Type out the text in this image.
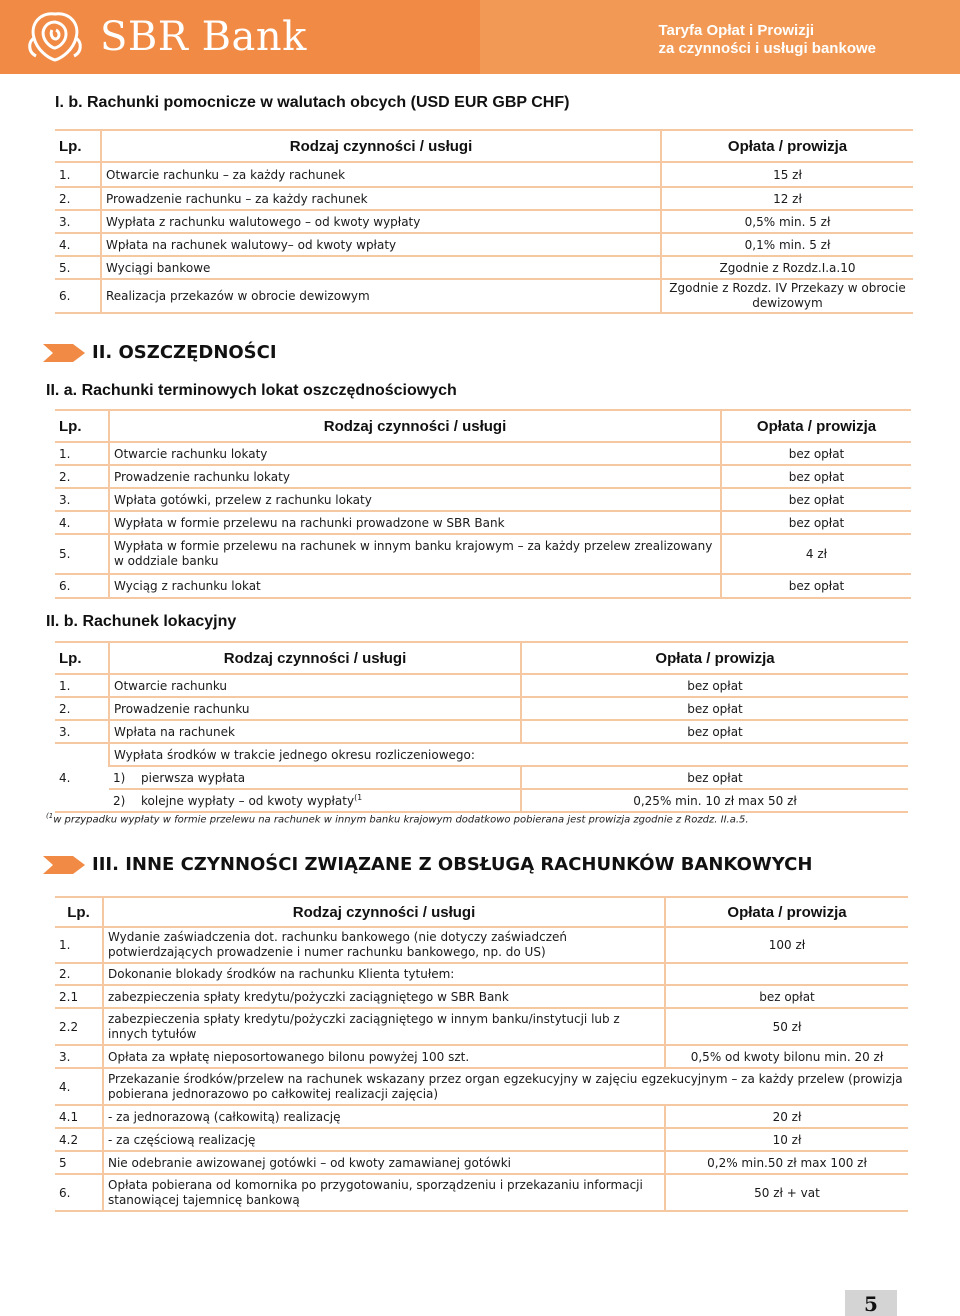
SBR Bank	Taryfa Opłat i Prowizji
za czynności i usługi bankowe
I. b. Rachunki pomocnicze w walutach obcych (USD EUR GBP CHF)
Lp.	Rodzaj czynności / usługi	Opłata / prowizja
1.	Otwarcie rachunku – za każdy rachunek	15 zł
2.	Prowadzenie rachunku – za każdy rachunek	12 zł
3.	Wypłata z rachunku walutowego – od kwoty wypłaty	0,5% min. 5 zł
4.	Wpłata na rachunek walutowy– od kwoty wpłaty	0,1% min. 5 zł
5.	Wyciągi bankowe	Zgodnie z Rozdz.I.a.10
6.	Realizacja przekazów w obrocie dewizowym	Zgodnie z Rozdz. IV Przekazy w obrocie dewizowym
II. OSZCZĘDNOŚCI
II. a. Rachunki terminowych lokat oszczędnościowych
Lp.	Rodzaj czynności / usługi	Opłata / prowizja
1.	Otwarcie rachunku lokaty	bez opłat
2.	Prowadzenie rachunku lokaty	bez opłat
3.	Wpłata gotówki, przelew z rachunku lokaty	bez opłat
4.	Wypłata w formie przelewu na rachunki prowadzone w SBR Bank	bez opłat
5.	Wypłata w formie przelewu na rachunek w innym banku krajowym – za każdy przelew zrealizowany w oddziale banku	4 zł
6.	Wyciąg z rachunku lokat	bez opłat
II. b. Rachunek lokacyjny
Lp.	Rodzaj czynności / usługi	Opłata / prowizja
1.	Otwarcie rachunku	bez opłat
2.	Prowadzenie rachunku	bez opłat
3.	Wpłata na rachunek	bez opłat
4.	Wypłata środków w trakcie jednego okresu rozliczeniowego:	
	1) pierwsza wypłata	bez opłat
	2) kolejne wypłaty – od kwoty wypłaty$^{(1}$	0,25% min. 10 zł max 50 zł
$^{(1}$w przypadku wypłaty w formie przelewu na rachunek w innym banku krajowym dodatkowo pobierana jest prowizja zgodnie z Rozdz. II.a.5.
III. INNE CZYNNOŚCI ZWIĄZANE Z OBSŁUGĄ RACHUNKÓW BANKOWYCH
Lp.	Rodzaj czynności / usługi	Opłata / prowizja
1.	Wydanie zaświadczenia dot. rachunku bankowego (nie dotyczy zaświadczeń potwierdzających prowadzenie i numer rachunku bankowego, np. do US)	100 zł
2.	Dokonanie blokady środków na rachunku Klienta tytułem:	
2.1	zabezpieczenia spłaty kredytu/pożyczki zaciągniętego w SBR Bank	bez opłat
2.2	zabezpieczenia spłaty kredytu/pożyczki zaciągniętego w innym banku/instytucji lub z innych tytułów	50 zł
3.	Opłata za wpłatę nieposortowanego bilonu powyżej 100 szt.	0,5% od kwoty bilonu min. 20 zł
4.	Przekazanie środków/przelew na rachunek wskazany przez organ egzekucyjny w zajęciu egzekucyjnym – za każdy przelew (prowizja pobierana jednorazowo po całkowitej realizacji zajęcia)	
4.1	- za jednorazową (całkowitą) realizację	20 zł
4.2	- za częściową realizację	10 zł
5	Nie odebranie awizowanej gotówki – od kwoty zamawianej gotówki	0,2% min.50 zł max 100 zł
6.	Opłata pobierana od komornika po przygotowaniu, sporządzeniu i przekazaniu informacji stanowiącej tajemnicę bankową	50 zł + vat
5
